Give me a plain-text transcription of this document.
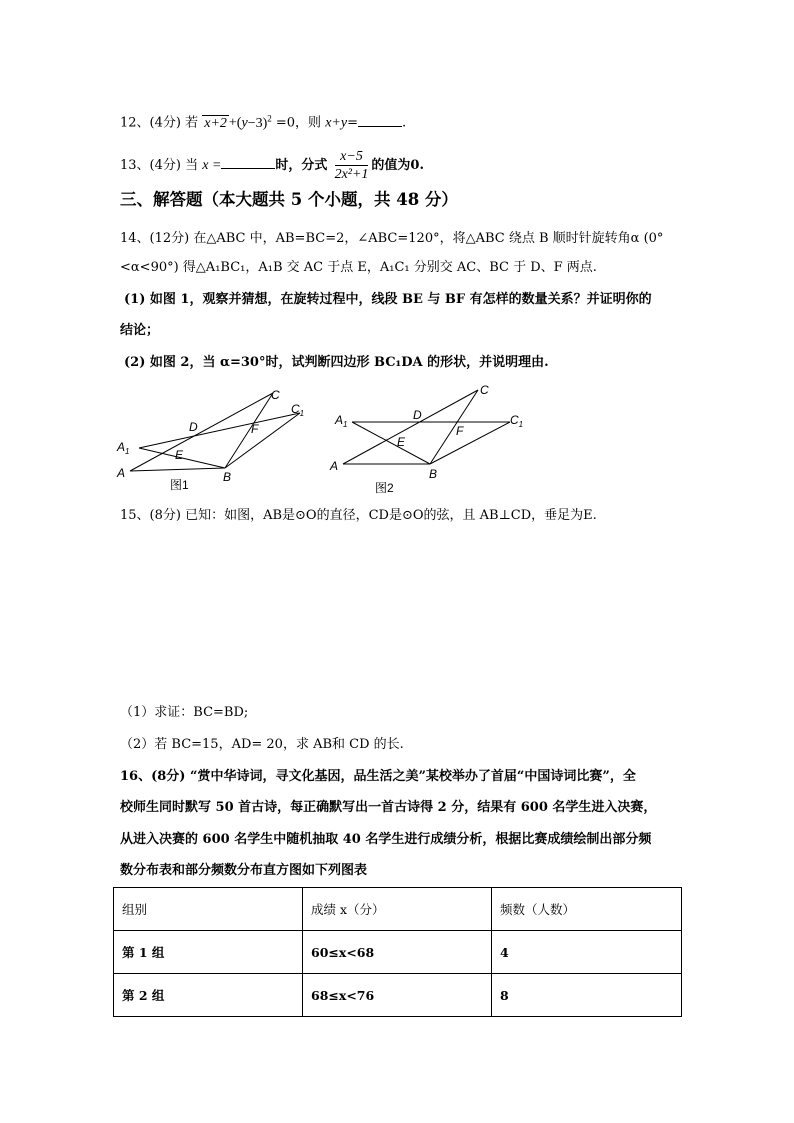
12、(4分) 若 $x+2 +(y-3)^2 =0$，则 x+y=	.
13、(4分) 当 x =	时，分式 $\frac{x-5}{\text{2x²+1}}$ 的值为0.
三、解答题（本大题共 5 个小题，共 48 分）
14、(12分) 在△ABC 中，AB=BC=2，∠ABC=120°，将△ABC 绕点 B 顺时针旋转角α (0°
<α<90°) 得△A₁BC₁，A₁B 交 AC 于点 E，A₁C₁ 分别交 AC、BC 于 D、F 两点.
(1) 如图 1，观察并猜想，在旋转过程中，线段 BE 与 BF 有怎样的数量关系？并证明你的
结论；
(2) 如图 2，当 α=30°时，试判断四边形 BC₁DA 的形状，并说明理由.
A	B
C
D
E
F
$A_1$
$C_1$
图1
A
B
C
D
E
F
$A_1$	$C_1$
图2
15、(8分) 已知：如图，AB是⊙O的直径，CD是⊙O的弦，且 AB⊥CD，垂足为E.
（1）求证：BC=BD;
（2）若 BC=15，AD= 20，求 AB和 CD 的长.
16、(8分) “赏中华诗词，寻文化基因，品生活之美”某校举办了首届“中国诗词比赛”，全
校师生同时默写 50 首古诗，每正确默写出一首古诗得 2 分，结果有 600 名学生进入决赛，
从进入决赛的 600 名学生中随机抽取 40 名学生进行成绩分析，根据比赛成绩绘制出部分频
数分布表和部分频数分布直方图如下列图表
组别	成绩 x（分）	频数（人数）
第 1 组	60≤x<68	4
第 2 组	68≤x<76	8
